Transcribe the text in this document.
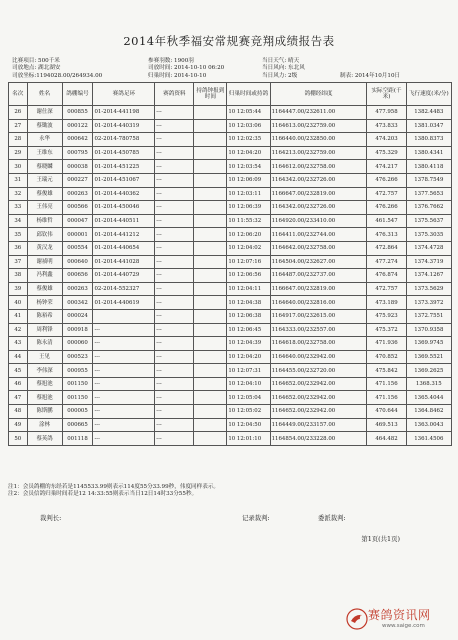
2014年秋季福安常规赛竞翔成绩报告表
比赛项目: 500千米
司放地点: 湖北湖安
司放坐标:1194028.00/264934.00
参赛羽数: 1900羽
司放时间: 2014-10-10 06:20
归巢时间: 2014-10-10
当日天气: 晴天
当日风向: 东北风
当日风力: 2级	制表: 2014年10月10日
名次	姓名	鸽棚编号	赛鸽足环	赛鸽资料	持鸽钟报到时间	归巢时间或持鸽	鸽棚经纬度	实际空距(千米)	飞行速度(米/分)
26	谢仕深	000855	01-2014-441198	---		10 12:05:44	1164447.00/232611.00	477.958	1382.4483
27	蔡锄波	000122	01-2014-440319	---		10 12:03:06	1164613.00/232759.00	473.833	1381.0347
28	永华	000642	02-2014-780758	---		10 12:02:35	1166440.00/232850.00	474.203	1380.8373
29	王维东	000795	01-2014-450785	---		10 12:04:20	1164213.00/232759.00	475.329	1380.4341
30	蔡晓麟	000038	01-2014-451225	---		10 12:03:54	1164612.00/232758.00	474.217	1380.4118
31	王瑞元	000227	01-2014-451067	---		10 12:06:09	1164342.00/232726.00	476.266	1378.7549
32	蔡俊雄	000263	01-2014-440362	---		10 12:03:11	1166647.00/232819.00	472.757	1377.5653
33	王伟亮	000566	01-2014-450046	---		10 12:06:39	1164342.00/232726.00	476.266	1376.7662
34	杨维哲	000047	01-2014-440511	---		10 11:55:32	1164920.00/233410.00	461.547	1375.5637
35	邱钦伟	000001	01-2014-441212	---		10 12:06:20	1164411.00/232744.00	476.313	1375.3035
36	黄汉龙	000554	01-2014-440654	---		10 12:04:02	1164642.00/232758.00	472.864	1374.4728
37	谢祯明	000640	01-2014-441028	---		10 12:07:16	1164504.00/232627.00	477.274	1374.3719
38	冯利鑫	000656	01-2014-440729	---		10 12:06:56	1164487.00/232737.00	476.874	1374.1267
39	蔡俊雄	000263	02-2014-552327	---		10 12:04:11	1166647.00/232819.00	472.757	1373.5629
40	杨钟荣	000342	01-2014-440619	---		10 12:04:38	1164640.00/232816.00	473.189	1373.3972
41	陈裕希	000024		---		10 12:06:38	1164917.00/232615.00	475.923	1372.7551
42	周利锋	000918	---	---		10 12:06:45	1164333.00/232557.00	475.372	1370.9358
43	陈永清	000060	---	---		10 12:04:39	1164618.00/232758.00	471.936	1369.9745
44	王见	000523	---	---		10 12:04:20	1164640.00/232942.00	470.852	1369.5521
45	李伟深	000955	---	---		10 12:07:31	1164455.00/232720.00	475.842	1369.2625
46	蔡旭池	001150	---	---		10 12:04:10	1164652.00/232942.00	471.156	1368.315
47	蔡旭池	001150	---	---		10 12:05:04	1164652.00/232942.00	471.156	1365.4044
48	陈斯鹏	000005	---	---		10 12:05:02	1164652.00/232942.00	470.644	1364.8462
49	涂林	000665	---	---		10 12:04:50	1164449.00/233157.00	469.513	1363.0043
50	蔡英鸽	001118	---	---		10 12:01:10	1164854.00/233228.00	464.482	1361.4506
注1：会员鸽棚的东经若是1145533.99则表示114度55分33.99秒，伟度同样表示。
注2：会员信鸽归巢时间若是12 14:33:55则表示当日12日14时33分55秒。
裁判长:	记录裁判:	委派裁判:
第1页(共1页)
赛鸽资讯网
www.saige.com
